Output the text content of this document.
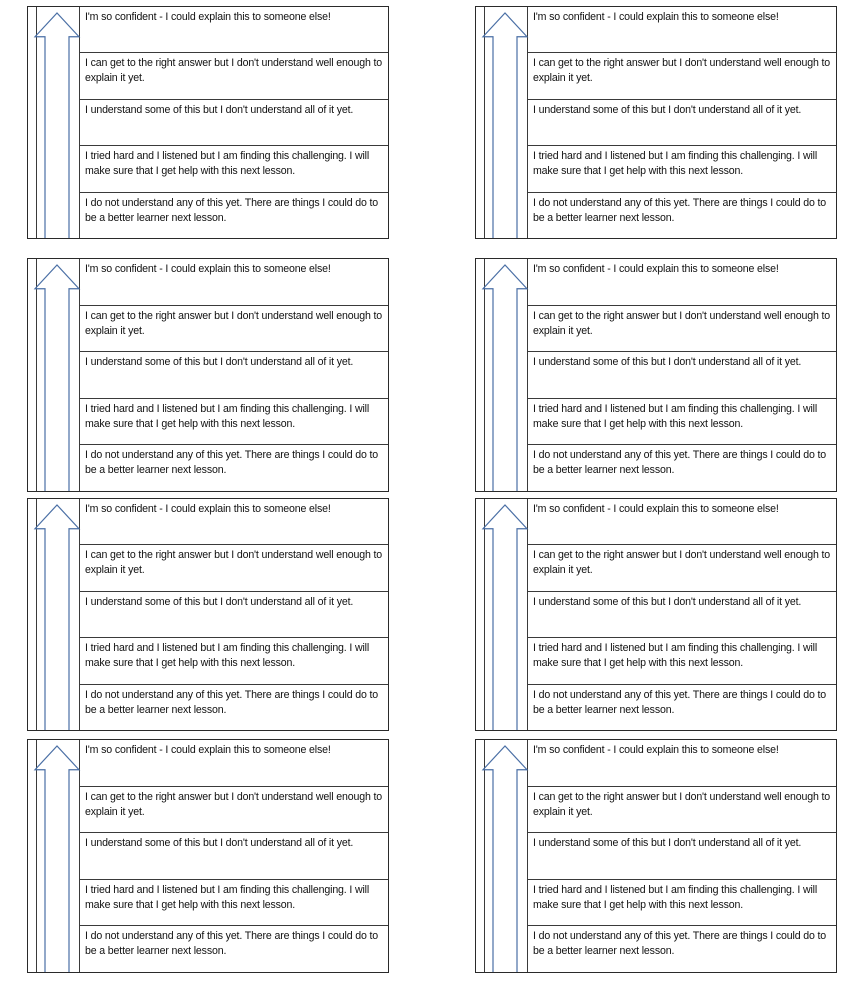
I'm so confident - I could explain this to someone else!
I can get to the right answer but I don't understand well enough to explain it yet.
I understand some of this but I don't understand all of it yet.
I tried hard and I listened but I am finding this challenging. I will make sure that I get help with this next lesson.
I do not understand any of this yet. There are things I could do to be a better learner next lesson.
I'm so confident - I could explain this to someone else!
I can get to the right answer but I don't understand well enough to explain it yet.
I understand some of this but I don't understand all of it yet.
I tried hard and I listened but I am finding this challenging. I will make sure that I get help with this next lesson.
I do not understand any of this yet. There are things I could do to be a better learner next lesson.
I'm so confident - I could explain this to someone else!
I can get to the right answer but I don't understand well enough to explain it yet.
I understand some of this but I don't understand all of it yet.
I tried hard and I listened but I am finding this challenging. I will make sure that I get help with this next lesson.
I do not understand any of this yet. There are things I could do to be a better learner next lesson.
I'm so confident - I could explain this to someone else!
I can get to the right answer but I don't understand well enough to explain it yet.
I understand some of this but I don't understand all of it yet.
I tried hard and I listened but I am finding this challenging. I will make sure that I get help with this next lesson.
I do not understand any of this yet. There are things I could do to be a better learner next lesson.
I'm so confident - I could explain this to someone else!
I can get to the right answer but I don't understand well enough to explain it yet.
I understand some of this but I don't understand all of it yet.
I tried hard and I listened but I am finding this challenging. I will make sure that I get help with this next lesson.
I do not understand any of this yet. There are things I could do to be a better learner next lesson.
I'm so confident - I could explain this to someone else!
I can get to the right answer but I don't understand well enough to explain it yet.
I understand some of this but I don't understand all of it yet.
I tried hard and I listened but I am finding this challenging. I will make sure that I get help with this next lesson.
I do not understand any of this yet. There are things I could do to be a better learner next lesson.
I'm so confident - I could explain this to someone else!
I can get to the right answer but I don't understand well enough to explain it yet.
I understand some of this but I don't understand all of it yet.
I tried hard and I listened but I am finding this challenging. I will make sure that I get help with this next lesson.
I do not understand any of this yet. There are things I could do to be a better learner next lesson.
I'm so confident - I could explain this to someone else!
I can get to the right answer but I don't understand well enough to explain it yet.
I understand some of this but I don't understand all of it yet.
I tried hard and I listened but I am finding this challenging. I will make sure that I get help with this next lesson.
I do not understand any of this yet. There are things I could do to be a better learner next lesson.
